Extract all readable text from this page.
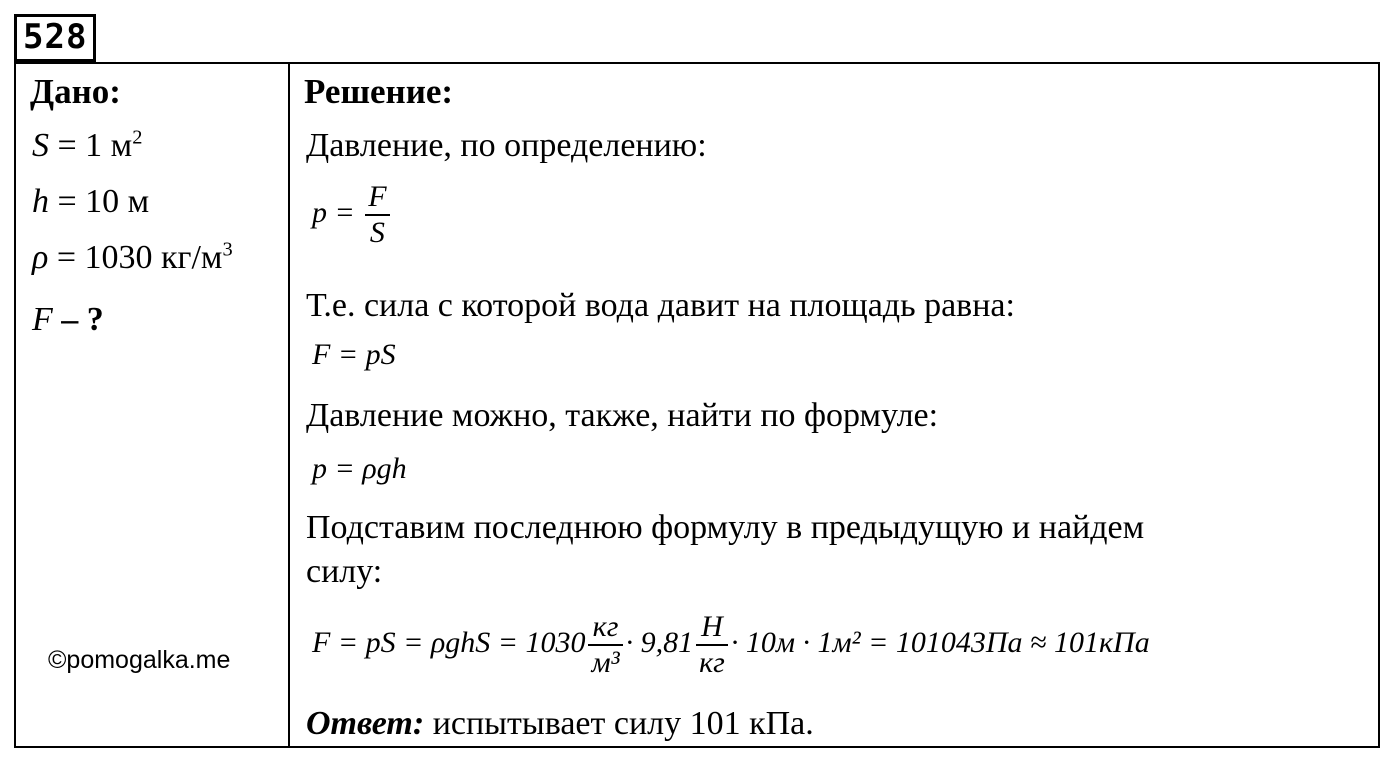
528
Дано:
S = 1 $м^2$
h = 10 м
ρ = 1030 $кг/м^3$
F – ?
©pomogalka.me
Решение:
Давление, по определению:
$p = \frac{F}{S}$
Т.е. сила с которой вода давит на площадь равна:
F = pS
Давление можно, также, найти по формуле:
p = ρgh
Подставим последнюю формулу в предыдущую и найдем
силу:
F = pS = $\rho ghS = 1030 \frac{кг}{\text{м³}} \cdot 9,81 \frac{Н}{кг} \cdot 10м \cdot 1м^2 = 101043Па \approx 101кПа$
Ответ: испытывает силу 101 кПа.
